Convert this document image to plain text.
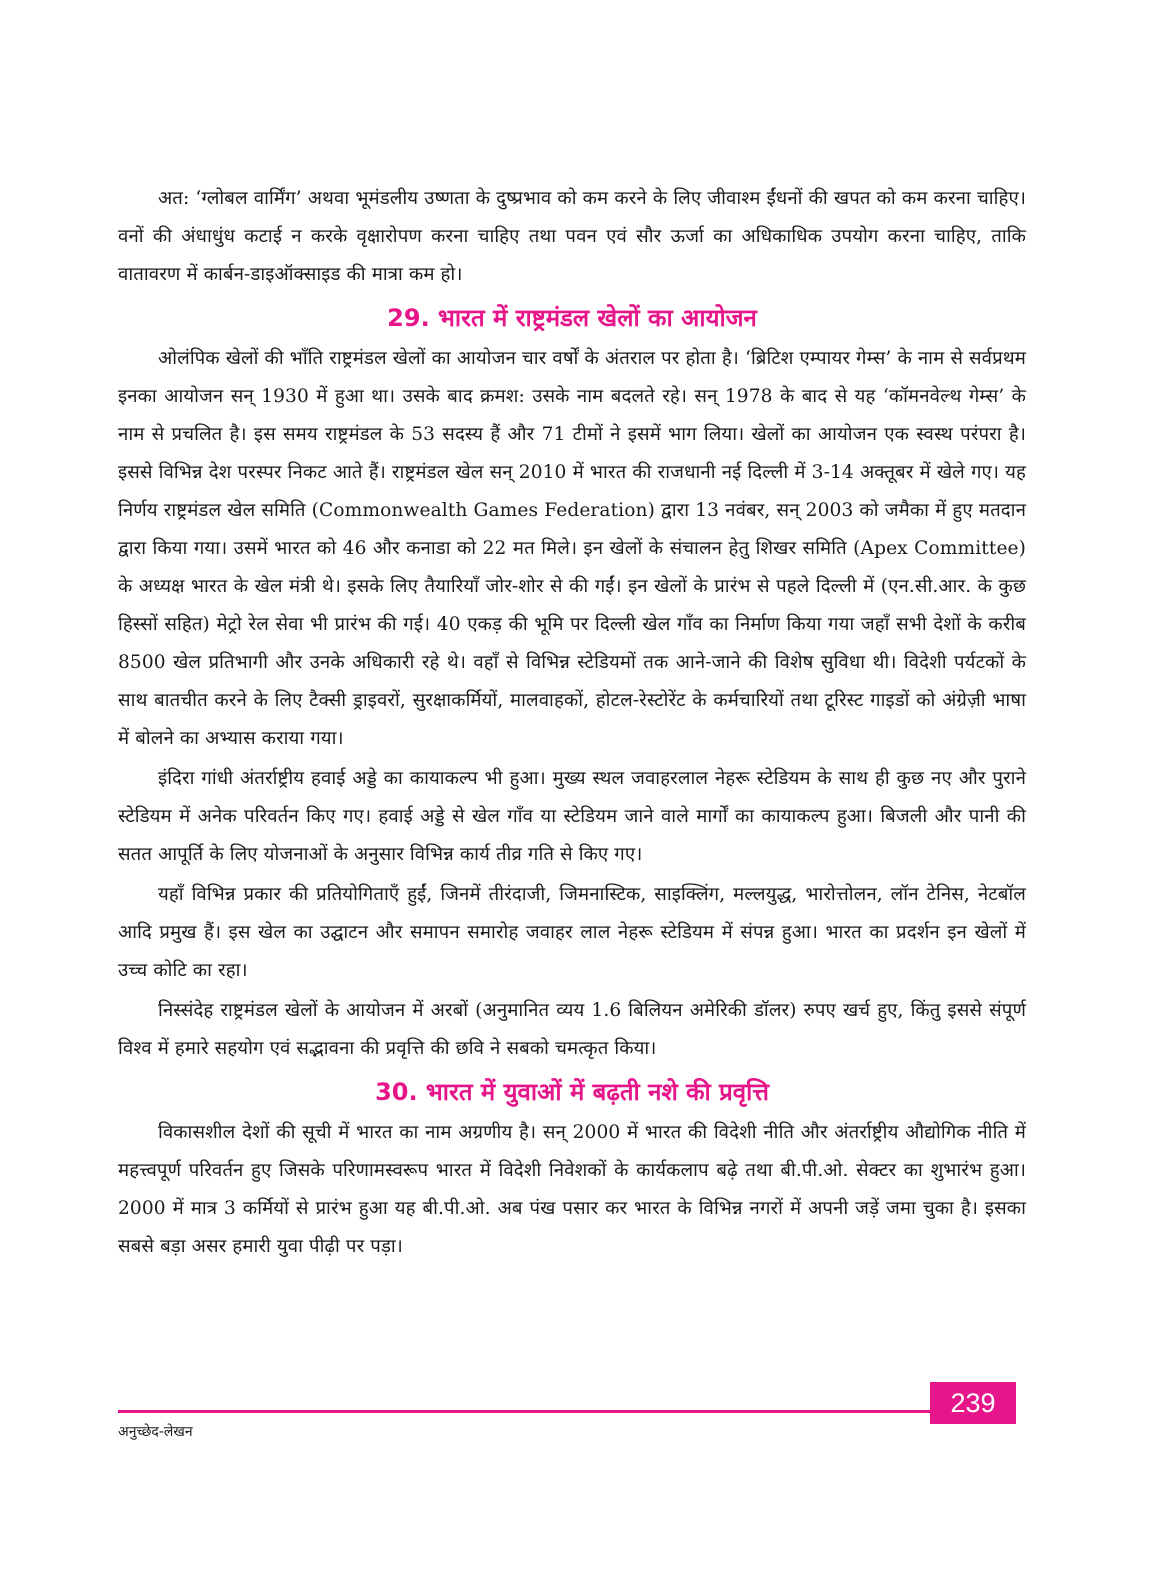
अत: ‘ग्लोबल वार्मिंग’ अथवा भूमंडलीय उष्णता के दुष्प्रभाव को कम करने के लिए जीवाश्म ईंधनों की खपत को कम करना चाहिए। वनों की अंधाधुंध कटाई न करके वृक्षारोपण करना चाहिए तथा पवन एवं सौर ऊर्जा का अधिकाधिक उपयोग करना चाहिए, ताकि वातावरण में कार्बन-डाइऑक्साइड की मात्रा कम हो।

29. भारत में राष्ट्रमंडल खेलों का आयोजन

ओलंपिक खेलों की भाँति राष्ट्रमंडल खेलों का आयोजन चार वर्षों के अंतराल पर होता है। ‘ब्रिटिश एम्पायर गेम्स’ के नाम से सर्वप्रथम इनका आयोजन सन् 1930 में हुआ था। उसके बाद क्रमश: उसके नाम बदलते रहे। सन् 1978 के बाद से यह ‘कॉमनवेल्थ गेम्स’ के नाम से प्रचलित है। इस समय राष्ट्रमंडल के 53 सदस्य हैं और 71 टीमों ने इसमें भाग लिया। खेलों का आयोजन एक स्वस्थ परंपरा है। इससे विभिन्न देश परस्पर निकट आते हैं। राष्ट्रमंडल खेल सन् 2010 में भारत की राजधानी नई दिल्ली में 3-14 अक्तूबर में खेले गए। यह निर्णय राष्ट्रमंडल खेल समिति (Commonwealth Games Federation) द्वारा 13 नवंबर, सन् 2003 को जमैका में हुए मतदान द्वारा किया गया। उसमें भारत को 46 और कनाडा को 22 मत मिले। इन खेलों के संचालन हेतु शिखर समिति (Apex Committee) के अध्यक्ष भारत के खेल मंत्री थे। इसके लिए तैयारियाँ जोर-शोर से की गईं। इन खेलों के प्रारंभ से पहले दिल्ली में (एन.सी.आर. के कुछ हिस्सों सहित) मेट्रो रेल सेवा भी प्रारंभ की गई। 40 एकड़ की भूमि पर दिल्ली खेल गाँव का निर्माण किया गया जहाँ सभी देशों के करीब 8500 खेल प्रतिभागी और उनके अधिकारी रहे थे। वहाँ से विभिन्न स्टेडियमों तक आने-जाने की विशेष सुविधा थी। विदेशी पर्यटकों के साथ बातचीत करने के लिए टैक्सी ड्राइवरों, सुरक्षाकर्मियों, मालवाहकों, होटल-रेस्टोरेंट के कर्मचारियों तथा टूरिस्ट गाइडों को अंग्रेज़ी भाषा में बोलने का अभ्यास कराया गया।

इंदिरा गांधी अंतर्राष्ट्रीय हवाई अड्डे का कायाकल्प भी हुआ। मुख्य स्थल जवाहरलाल नेहरू स्टेडियम के साथ ही कुछ नए और पुराने स्टेडियम में अनेक परिवर्तन किए गए। हवाई अड्डे से खेल गाँव या स्टेडियम जाने वाले मार्गों का कायाकल्प हुआ। बिजली और पानी की सतत आपूर्ति के लिए योजनाओं के अनुसार विभिन्न कार्य तीव्र गति से किए गए।

यहाँ विभिन्न प्रकार की प्रतियोगिताएँ हुईं, जिनमें तीरंदाजी, जिमनास्टिक, साइक्लिंग, मल्लयुद्ध, भारोत्तोलन, लॉन टेनिस, नेटबॉल आदि प्रमुख हैं। इस खेल का उद्घाटन और समापन समारोह जवाहर लाल नेहरू स्टेडियम में संपन्न हुआ। भारत का प्रदर्शन इन खेलों में उच्च कोटि का रहा।

निस्संदेह राष्ट्रमंडल खेलों के आयोजन में अरबों (अनुमानित व्यय 1.6 बिलियन अमेरिकी डॉलर) रुपए खर्च हुए, किंतु इससे संपूर्ण विश्व में हमारे सहयोग एवं सद्भावना की प्रवृत्ति की छवि ने सबको चमत्कृत किया।

30. भारत में युवाओं में बढ़ती नशे की प्रवृत्ति

विकासशील देशों की सूची में भारत का नाम अग्रणीय है। सन् 2000 में भारत की विदेशी नीति और अंतर्राष्ट्रीय औद्योगिक नीति में महत्त्वपूर्ण परिवर्तन हुए जिसके परिणामस्वरूप भारत में विदेशी निवेशकों के कार्यकलाप बढ़े तथा बी.पी.ओ. सेक्टर का शुभारंभ हुआ। 2000 में मात्र 3 कर्मियों से प्रारंभ हुआ यह बी.पी.ओ. अब पंख पसार कर भारत के विभिन्न नगरों में अपनी जड़ें जमा चुका है। इसका सबसे बड़ा असर हमारी युवा पीढ़ी पर पड़ा।

अनुच्छेद-लेखन
239
